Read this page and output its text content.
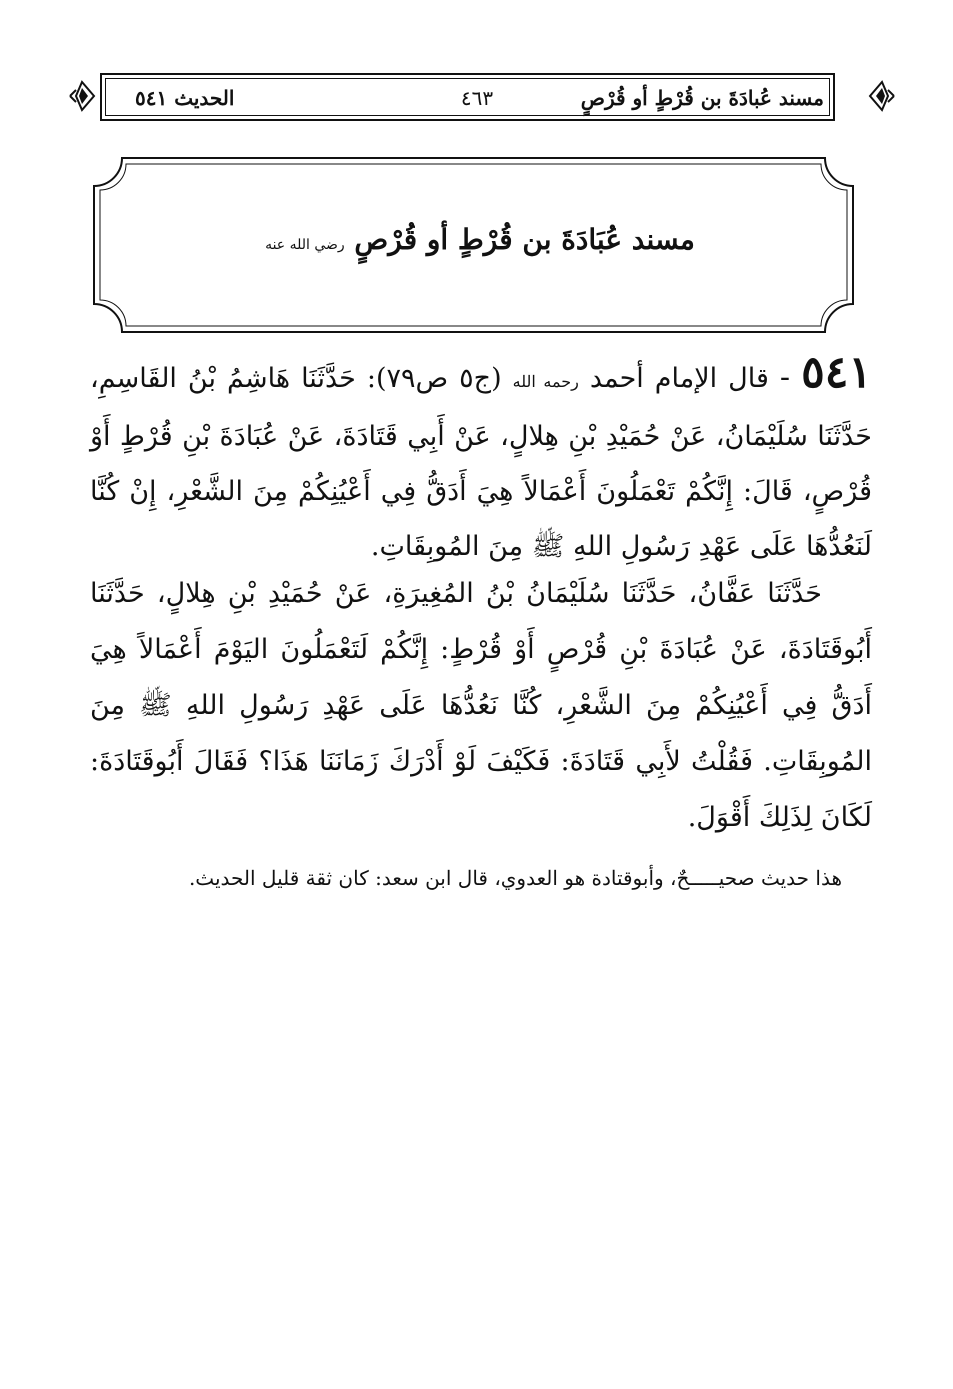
مسند عُبادَةَ بن قُرْطٍ أو قُرْصٍ
٤٦٣
الحديث ٥٤١
مسند عُبَادَةَ بن قُرْطٍ أو قُرْصٍ رضي الله عنه
٥٤١ - قال الإمام أحمد رحمه الله (ج٥ ص٧٩): حَدَّثَنَا هَاشِمُ بْنُ القَاسِمِ، حَدَّثَنَا سُلَيْمَانُ، عَنْ حُمَيْدِ بْنِ هِلالٍ، عَنْ أَبِي قَتَادَةَ، عَنْ عُبَادَةَ بْنِ قُرْطٍ أَوْ قُرْصٍ، قَالَ: إِنَّكُمْ تَعْمَلُونَ أَعْمَالاً هِيَ أَدَقُّ فِي أَعْيُنِكُمْ مِنَ الشَّعْرِ، إِنْ كُنَّا لَنَعُدُّهَا عَلَى عَهْدِ رَسُولِ اللهِ ﷺ مِنَ المُوبِقَاتِ.
حَدَّثَنَا عَفَّانُ، حَدَّثَنَا سُلَيْمَانُ بْنُ المُغِيرَةِ، عَنْ حُمَيْدِ بْنِ هِلالٍ، حَدَّثَنَا أَبُوقَتَادَةَ، عَنْ عُبَادَةَ بْنِ قُرْصٍ أَوْ قُرْطٍ: إِنَّكُمْ لَتَعْمَلُونَ اليَوْمَ أَعْمَالاً هِيَ أَدَقُّ فِي أَعْيُنِكُمْ مِنَ الشَّعْرِ، كُنَّا نَعُدُّهَا عَلَى عَهْدِ رَسُولِ اللهِ ﷺ مِنَ المُوبِقَاتِ. فَقُلْتُ لأَبِي قَتَادَةَ: فَكَيْفَ لَوْ أَدْرَكَ زَمَانَنَا هَذَا؟ فَقَالَ أَبُوقَتَادَةَ: لَكَانَ لِذَلِكَ أَقْوَلَ.
هذا حديث صحيـــــحٌ، وأبوقتادة هو العدوي، قال ابن سعد: كان ثقة قليل الحديث.
